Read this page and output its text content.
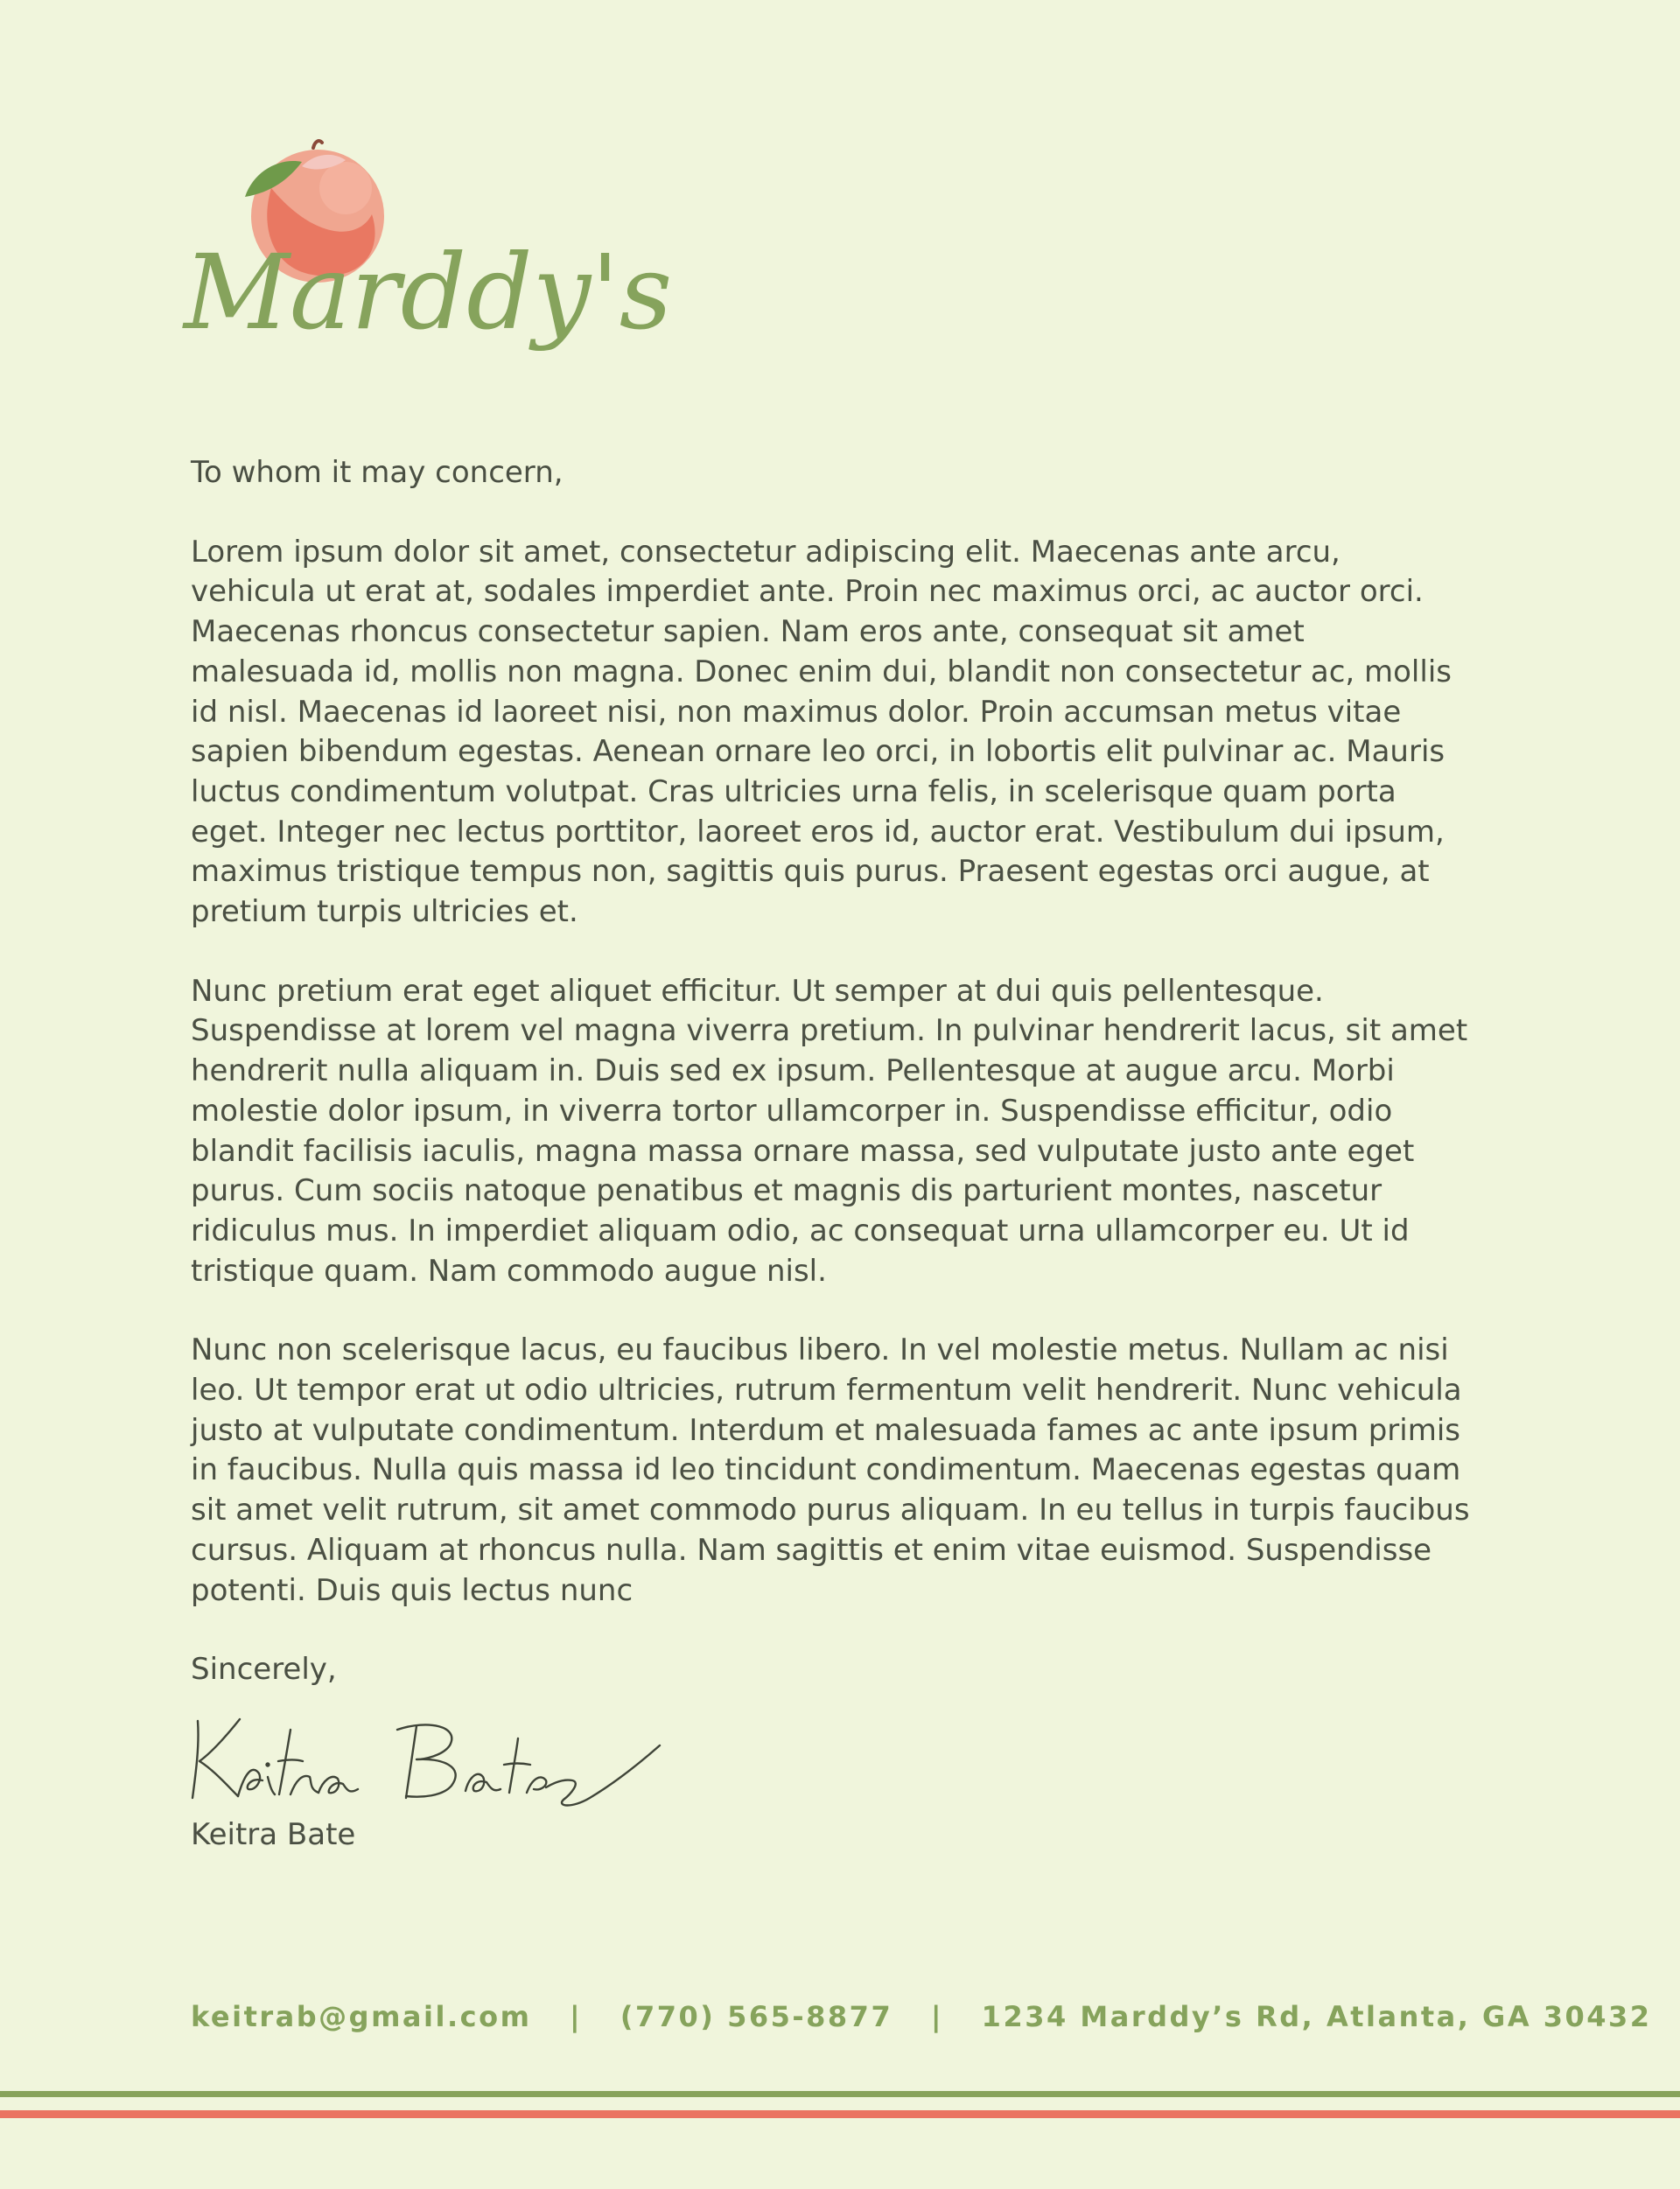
Marddy's

To whom it may concern,

Lorem ipsum dolor sit amet, consectetur adipiscing elit. Maecenas ante arcu,
vehicula ut erat at, sodales imperdiet ante. Proin nec maximus orci, ac auctor orci.
Maecenas rhoncus consectetur sapien. Nam eros ante, consequat sit amet
malesuada id, mollis non magna. Donec enim dui, blandit non consectetur ac, mollis
id nisl. Maecenas id laoreet nisi, non maximus dolor. Proin accumsan metus vitae
sapien bibendum egestas. Aenean ornare leo orci, in lobortis elit pulvinar ac. Mauris
luctus condimentum volutpat. Cras ultricies urna felis, in scelerisque quam porta
eget. Integer nec lectus porttitor, laoreet eros id, auctor erat. Vestibulum dui ipsum,
maximus tristique tempus non, sagittis quis purus. Praesent egestas orci augue, at
pretium turpis ultricies et.

Nunc pretium erat eget aliquet efficitur. Ut semper at dui quis pellentesque.
Suspendisse at lorem vel magna viverra pretium. In pulvinar hendrerit lacus, sit amet
hendrerit nulla aliquam in. Duis sed ex ipsum. Pellentesque at augue arcu. Morbi
molestie dolor ipsum, in viverra tortor ullamcorper in. Suspendisse efficitur, odio
blandit facilisis iaculis, magna massa ornare massa, sed vulputate justo ante eget
purus. Cum sociis natoque penatibus et magnis dis parturient montes, nascetur
ridiculus mus. In imperdiet aliquam odio, ac consequat urna ullamcorper eu. Ut id
tristique quam. Nam commodo augue nisl.

Nunc non scelerisque lacus, eu faucibus libero. In vel molestie metus. Nullam ac nisi
leo. Ut tempor erat ut odio ultricies, rutrum fermentum velit hendrerit. Nunc vehicula
justo at vulputate condimentum. Interdum et malesuada fames ac ante ipsum primis
in faucibus. Nulla quis massa id leo tincidunt condimentum. Maecenas egestas quam
sit amet velit rutrum, sit amet commodo purus aliquam. In eu tellus in turpis faucibus
cursus. Aliquam at rhoncus nulla. Nam sagittis et enim vitae euismod. Suspendisse
potenti. Duis quis lectus nunc

Sincerely,

Keitra Bate
keitrab@gmail.com | (770) 565-8877 | 1234 Marddy’s Rd, Atlanta, GA 30432
